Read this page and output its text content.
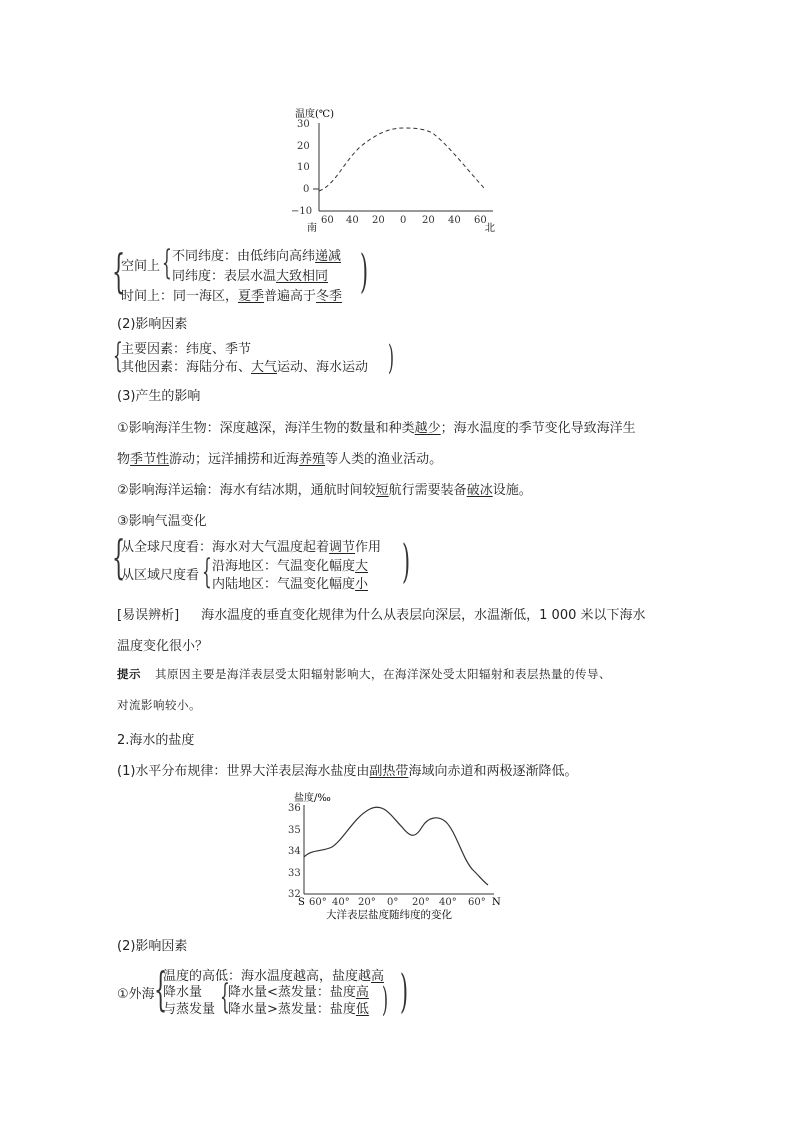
温度(℃)
30
20
10
0
−10
60 40 20 0 20 40 60
南	北
{
空间上 { 不同纬度：由低纬向高纬递减
同纬度：表层水温大致相同
时间上：同一海区，夏季普遍高于冬季 )
(2)影响因素
{
主要因素：纬度、季节
其他因素：海陆分布、大气运动、海水运动 )
(3)产生的影响
①影响海洋生物：深度越深，海洋生物的数量和种类越少；海水温度的季节变化导致海洋生
物季节性游动；远洋捕捞和近海养殖等人类的渔业活动。
②影响海洋运输：海水有结冰期，通航时间较短航行需要装备破冰设施。
③影响气温变化
{
从全球尺度看：海水对大气温度起着调节作用
从区域尺度看 { 沿海地区：气温变化幅度大
内陆地区：气温变化幅度小 )
[易误辨析] 海水温度的垂直变化规律为什么从表层向深层，水温渐低，1 000 米以下海水
温度变化很小？
提示 其原因主要是海洋表层受太阳辐射影响大，在海洋深处受太阳辐射和表层热量的传导、
对流影响较小。
2.海水的盐度
(1)水平分布规律：世界大洋表层海水盐度由副热带海域向赤道和两极逐渐降低。
盐度/‰
36
35
34
33
32
60° 40° 20° 0° 20° 40° 60°
S	N
大洋表层盐度随纬度的变化
(2)影响因素
①外海 {
温度的高低：海水温度越高，盐度越高
降水量
与蒸发量 {
降水量<蒸发量：盐度高
降水量>蒸发量：盐度低 ) )
